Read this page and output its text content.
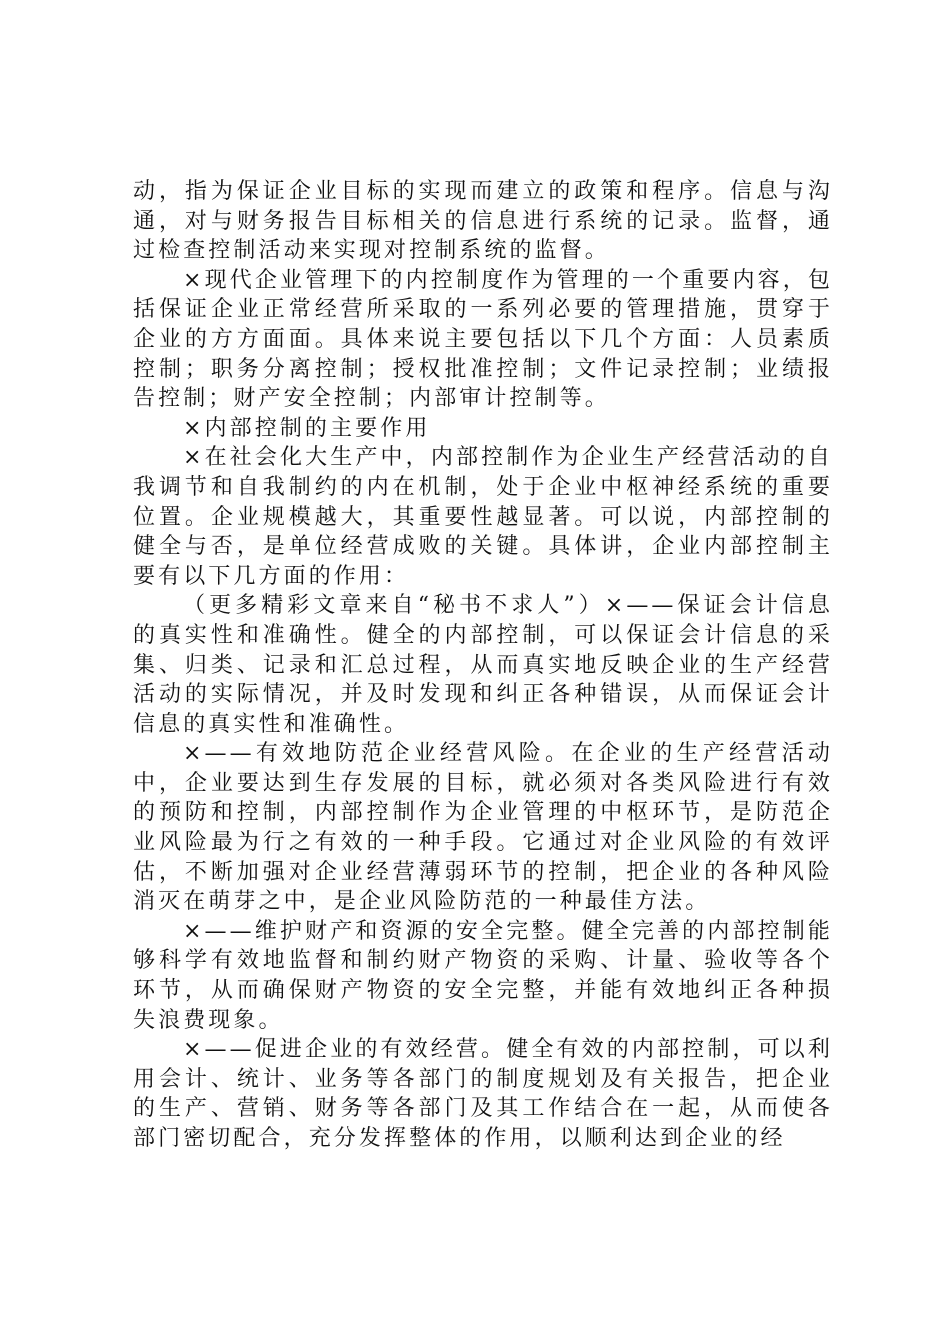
动，指为保证企业目标的实现而建立的政策和程序。信息与沟通，对与财务报告目标相关的信息进行系统的记录。监督，通过检查控制活动来实现对控制系统的监督。

×现代企业管理下的内控制度作为管理的一个重要内容，包括保证企业正常经营所采取的一系列必要的管理措施，贯穿于企业的方方面面。具体来说主要包括以下几个方面：人员素质控制；职务分离控制；授权批准控制；文件记录控制；业绩报告控制；财产安全控制；内部审计控制等。

×内部控制的主要作用

×在社会化大生产中，内部控制作为企业生产经营活动的自我调节和自我制约的内在机制，处于企业中枢神经系统的重要位置。企业规模越大，其重要性越显著。可以说，内部控制的健全与否，是单位经营成败的关键。具体讲，企业内部控制主要有以下几方面的作用：

（更多精彩文章来自“秘书不求人”）×——保证会计信息的真实性和准确性。健全的内部控制，可以保证会计信息的采集、归类、记录和汇总过程，从而真实地反映企业的生产经营活动的实际情况，并及时发现和纠正各种错误，从而保证会计信息的真实性和准确性。

×——有效地防范企业经营风险。在企业的生产经营活动中，企业要达到生存发展的目标，就必须对各类风险进行有效的预防和控制，内部控制作为企业管理的中枢环节，是防范企业风险最为行之有效的一种手段。它通过对企业风险的有效评估，不断加强对企业经营薄弱环节的控制，把企业的各种风险消灭在萌芽之中，是企业风险防范的一种最佳方法。

×——维护财产和资源的安全完整。健全完善的内部控制能够科学有效地监督和制约财产物资的采购、计量、验收等各个环节，从而确保财产物资的安全完整，并能有效地纠正各种损失浪费现象。

×——促进企业的有效经营。健全有效的内部控制，可以利用会计、统计、业务等各部门的制度规划及有关报告，把企业的生产、营销、财务等各部门及其工作结合在一起，从而使各部门密切配合，充分发挥整体的作用，以顺利达到企业的经
